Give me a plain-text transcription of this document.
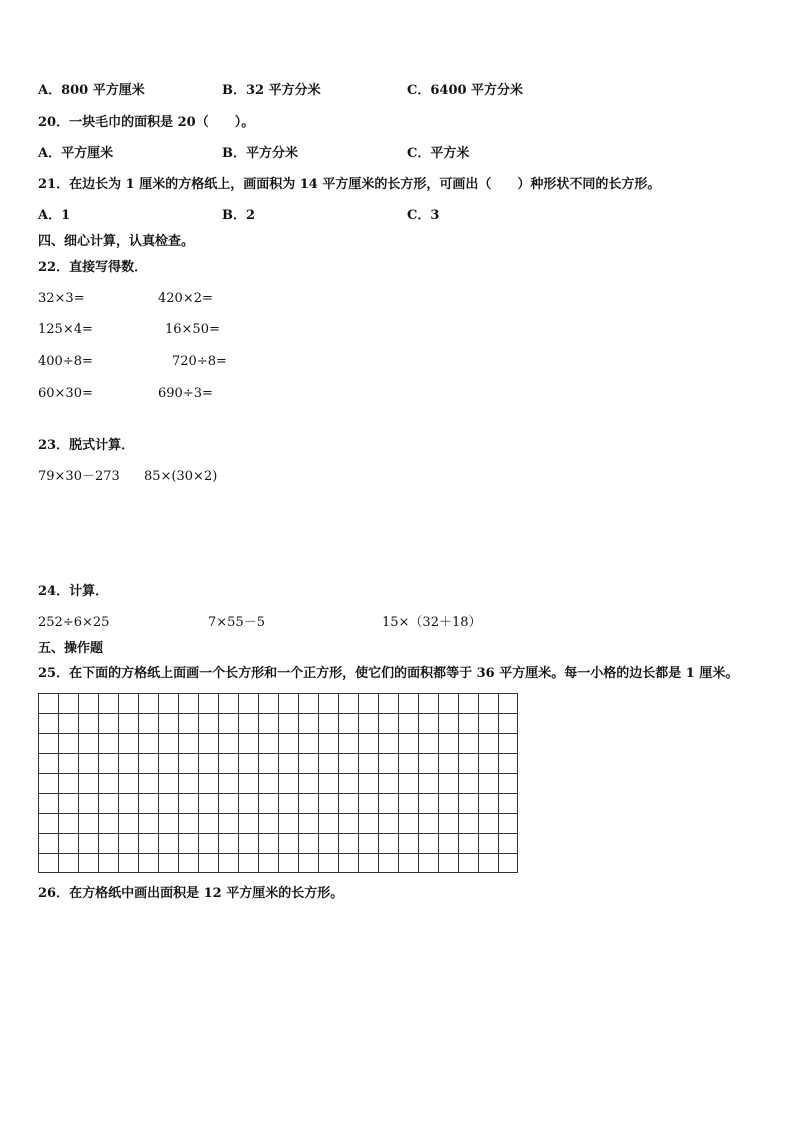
A．800 平方厘米	B．32 平方分米	C．6400 平方分米
20．一块毛巾的面积是 20（　　）。
A．平方厘米	B．平方分米	C．平方米
21．在边长为 1 厘米的方格纸上，画面积为 14 平方厘米的长方形，可画出（　　）种形状不同的长方形。
A．1	B．2	C．3
四、细心计算，认真检查。
22．直接写得数．
32×3=	420×2=
125×4=	16×50=
400÷8=	720÷8=
60×30=	690÷3=
23．脱式计算．
79×30－273 85×(30×2)
24．计算．
252÷6×25	7×55－5	15×（32＋18）
五、操作题
25．在下面的方格纸上面画一个长方形和一个正方形，使它们的面积都等于 36 平方厘米。每一小格的边长都是 1 厘米。
26．在方格纸中画出面积是 12 平方厘米的长方形。
